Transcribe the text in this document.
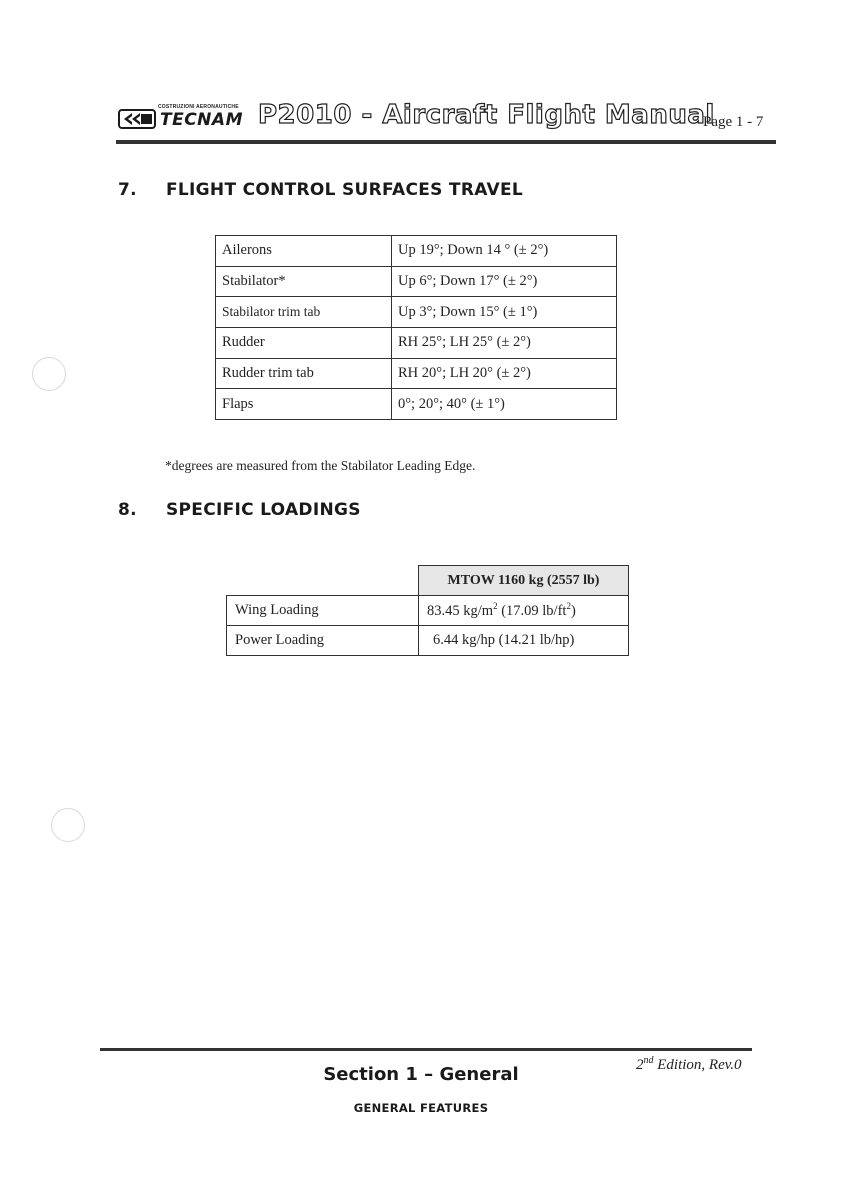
COSTRUZIONI AERONAUTICHE
TECNAM P2010 - Aircraft Flight Manual
Page 1 - 7
7. FLIGHT CONTROL SURFACES TRAVEL
Ailerons	Up 19°; Down 14 ° (± 2°)
Stabilator*	Up 6°; Down 17° (± 2°)
Stabilator trim tab	Up 3°; Down 15° (± 1°)
Rudder	RH 25°; LH 25° (± 2°)
Rudder trim tab	RH 20°; LH 20° (± 2°)
Flaps	0°; 20°; 40° (± 1°)
*degrees are measured from the Stabilator Leading Edge.
8. SPECIFIC LOADINGS
	MTOW 1160 kg (2557 lb)
Wing Loading	83.45 $kg/m^2$ (17.09 $lb/ft^2$)
Power Loading	6.44 kg/hp (14.21 lb/hp)
2nd Edition, Rev.0
Section 1 – General
GENERAL FEATURES
